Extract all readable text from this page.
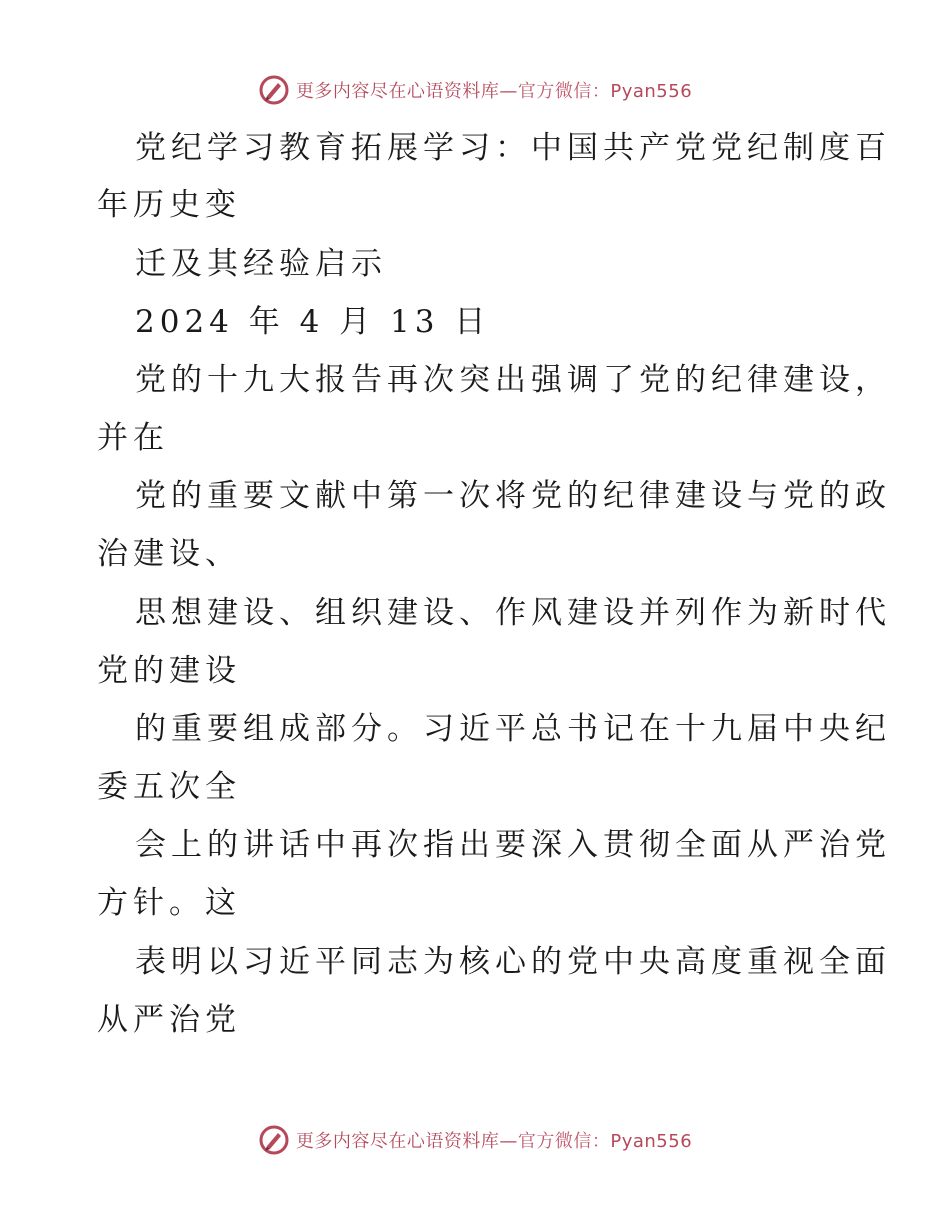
更多内容尽在心语资料库—官方微信：Pyan556
党纪学习教育拓展学习：中国共产党党纪制度百
年历史变
迁及其经验启示
2024 年 4 月 13 日
党的十九大报告再次突出强调了党的纪律建设，
并在
党的重要文献中第一次将党的纪律建设与党的政
治建设、
思想建设、组织建设、作风建设并列作为新时代
党的建设
的重要组成部分。习近平总书记在十九届中央纪
委五次全
会上的讲话中再次指出要深入贯彻全面从严治党
方针。这
表明以习近平同志为核心的党中央高度重视全面
从严治党
更多内容尽在心语资料库—官方微信：Pyan556
